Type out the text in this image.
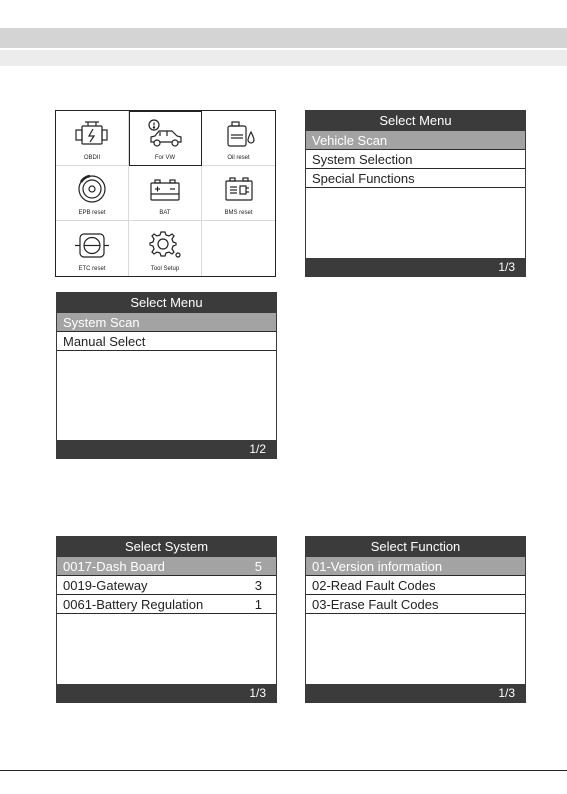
OBDII	For VW	Oil reset
EPB reset	BAT	BMS reset
ETC reset	Tool Setup
Select Menu
Vehicle Scan
System Selection
Special Functions
1/3
Select Menu
System Scan
Manual Select
1/2
Select System
0017-Dash Board	5
0019-Gateway	3
0061-Battery Regulation	1
1/3
Select Function
01-Version information
02-Read Fault Codes
03-Erase Fault Codes
1/3
